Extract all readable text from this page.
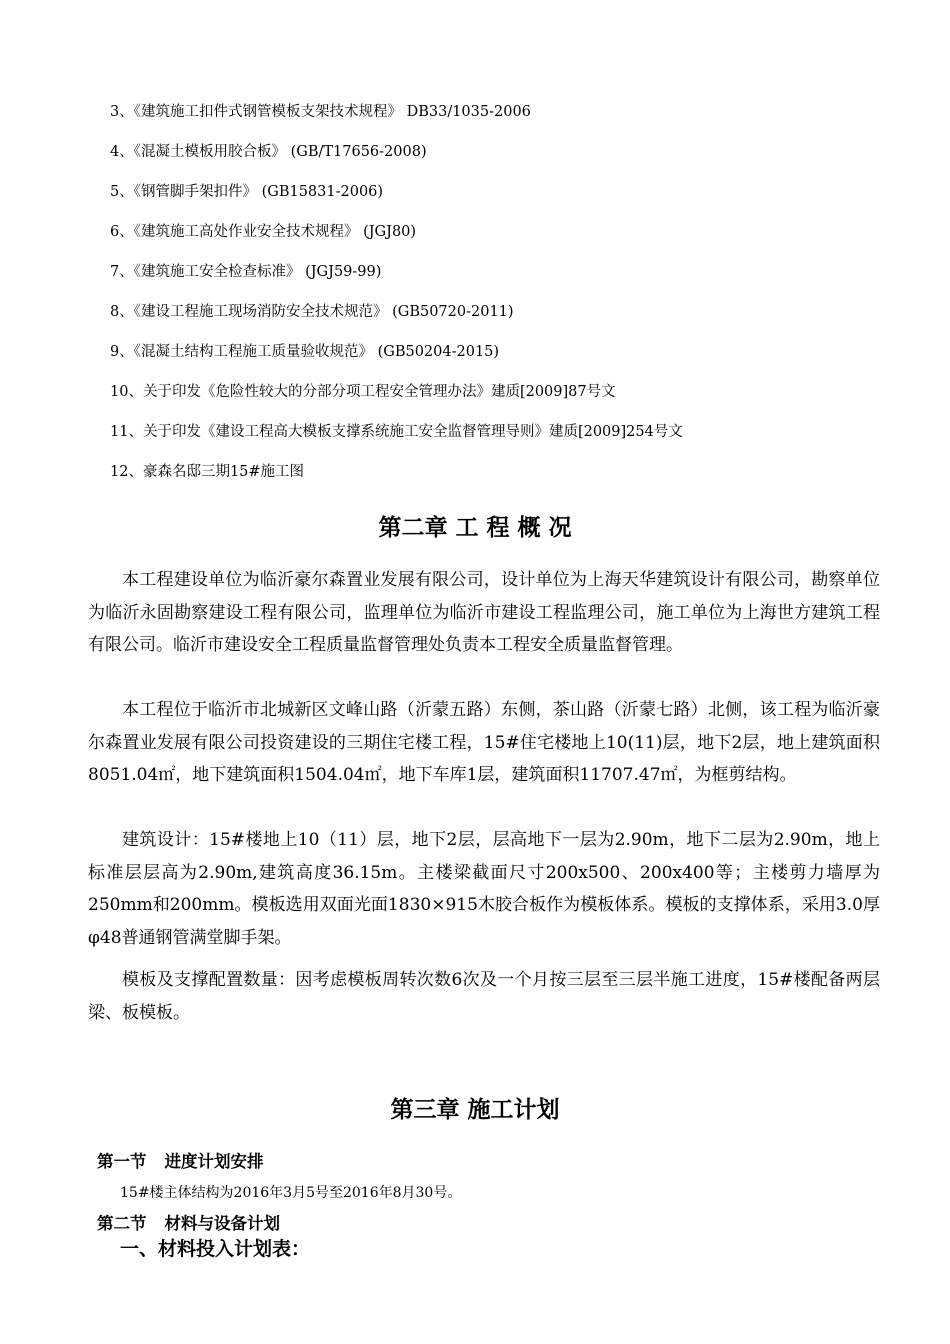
3、《建筑施工扣件式钢管模板支架技术规程》 DB33/1035-2006
4、《混凝土模板用胶合板》 (GB/T17656-2008)
5、《钢管脚手架扣件》 (GB15831-2006)
6、《建筑施工高处作业安全技术规程》 (JGJ80)
7、《建筑施工安全检查标准》 (JGJ59-99)
8、《建设工程施工现场消防安全技术规范》 (GB50720-2011)
9、《混凝土结构工程施工质量验收规范》 (GB50204-2015)
10、关于印发《危险性较大的分部分项工程安全管理办法》建质[2009]87号文
11、关于印发《建设工程高大模板支撑系统施工安全监督管理导则》建质[2009]254号文
12、豪森名邸三期15#施工图
第二章 工 程 概 况

本工程建设单位为临沂豪尔森置业发展有限公司，设计单位为上海天华建筑设计有限公司，勘察单位为临沂永固勘察建设工程有限公司，监理单位为临沂市建设工程监理公司，施工单位为上海世方建筑工程有限公司。临沂市建设安全工程质量监督管理处负责本工程安全质量监督管理。

本工程位于临沂市北城新区文峰山路（沂蒙五路）东侧，茶山路（沂蒙七路）北侧，该工程为临沂豪尔森置业发展有限公司投资建设的三期住宅楼工程，15#住宅楼地上10(11)层，地下2层，地上建筑面积8051.04㎡，地下建筑面积1504.04㎡，地下车库1层，建筑面积11707.47㎡，为框剪结构。

建筑设计：15#楼地上10（11）层，地下2层，层高地下一层为2.90m，地下二层为2.90m，地上标准层层高为2.90m,建筑高度36.15m。主楼梁截面尺寸200x500、200x400等；主楼剪力墙厚为250mm和200mm。模板选用双面光面1830×915木胶合板作为模板体系。模板的支撑体系，采用3.0厚φ48普通钢管满堂脚手架。

模板及支撑配置数量：因考虑模板周转次数6次及一个月按三层至三层半施工进度，15#楼配备两层梁、板模板。

第三章 施工计划
第一节 进度计划安排
15#楼主体结构为2016年3月5号至2016年8月30号。
第二节 材料与设备计划
一、材料投入计划表：
